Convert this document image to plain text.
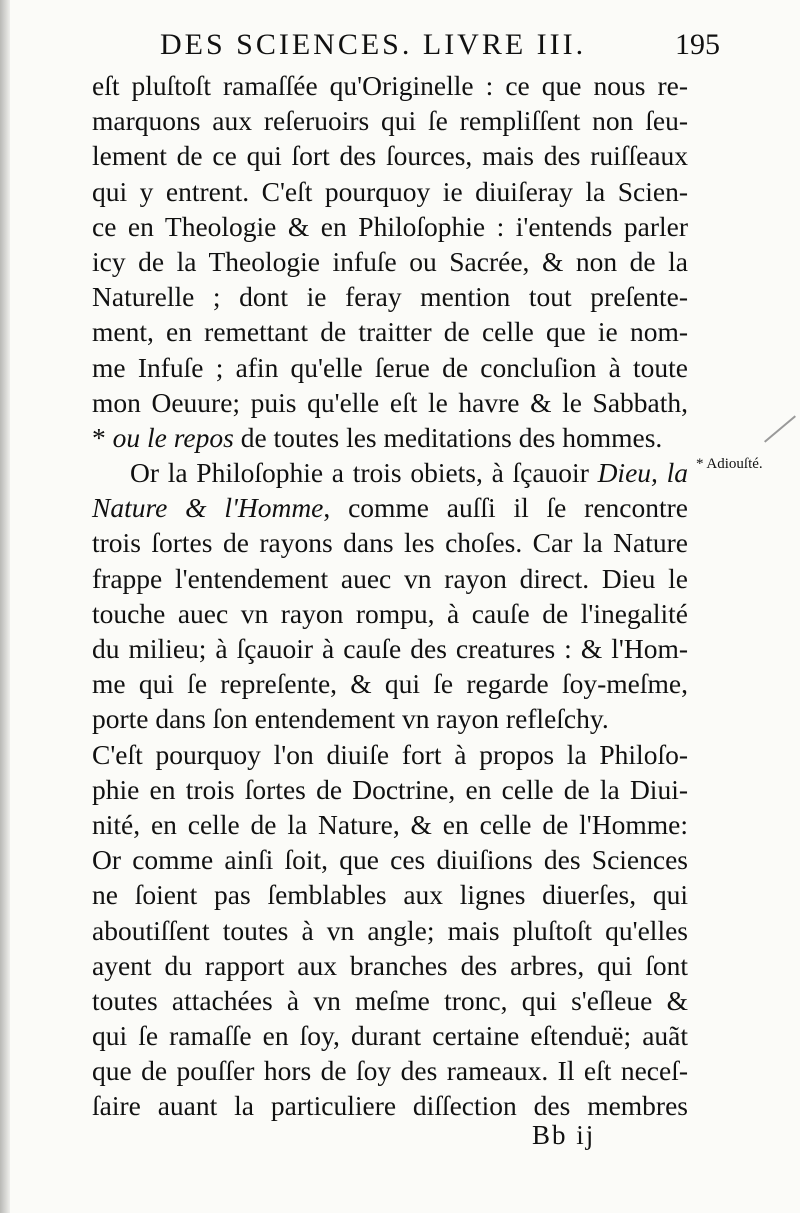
DES SCIENCES. LIVRE III.	195
eſt pluſtoſt ramaſſée qu'Originelle : ce que nous re-
marquons aux reſeruoirs qui ſe rempliſſent non ſeu-
lement de ce qui ſort des ſources, mais des ruiſſeaux
qui y entrent. C'eſt pourquoy ie diuiſeray la Scien-
ce en Theologie & en Philoſophie : i'entends parler
icy de la Theologie infuſe ou Sacrée, & non de la
Naturelle ; dont ie feray mention tout preſente-
ment, en remettant de traitter de celle que ie nom-
me Infuſe ; afin qu'elle ſerue de concluſion à toute
mon Oeuure; puis qu'elle eſt le havre & le Sabbath,
* ou le repos de toutes les meditations des hommes.
Or la Philoſophie a trois obiets, à ſçauoir Dieu, la
Nature & l'Homme, comme auſſi il ſe rencontre
trois ſortes de rayons dans les choſes. Car la Nature
frappe l'entendement auec vn rayon direct. Dieu le
touche auec vn rayon rompu, à cauſe de l'inegalité
du milieu; à ſçauoir à cauſe des creatures : & l'Hom-
me qui ſe repreſente, & qui ſe regarde ſoy-meſme,
porte dans ſon entendement vn rayon refleſchy.
C'eſt pourquoy l'on diuiſe fort à propos la Philoſo-
phie en trois ſortes de Doctrine, en celle de la Diui-
nité, en celle de la Nature, & en celle de l'Homme:
Or comme ainſi ſoit, que ces diuiſions des Sciences
ne ſoient pas ſemblables aux lignes diuerſes, qui
aboutiſſent toutes à vn angle; mais pluſtoſt qu'elles
ayent du rapport aux branches des arbres, qui ſont
toutes attachées à vn meſme tronc, qui s'eſleue &
qui ſe ramaſſe en ſoy, durant certaine eſtenduë; auãt
que de pouſſer hors de ſoy des rameaux. Il eſt neceſ-
ſaire auant la particuliere diſſection des membres
* Adiouſté.
Bb ij
